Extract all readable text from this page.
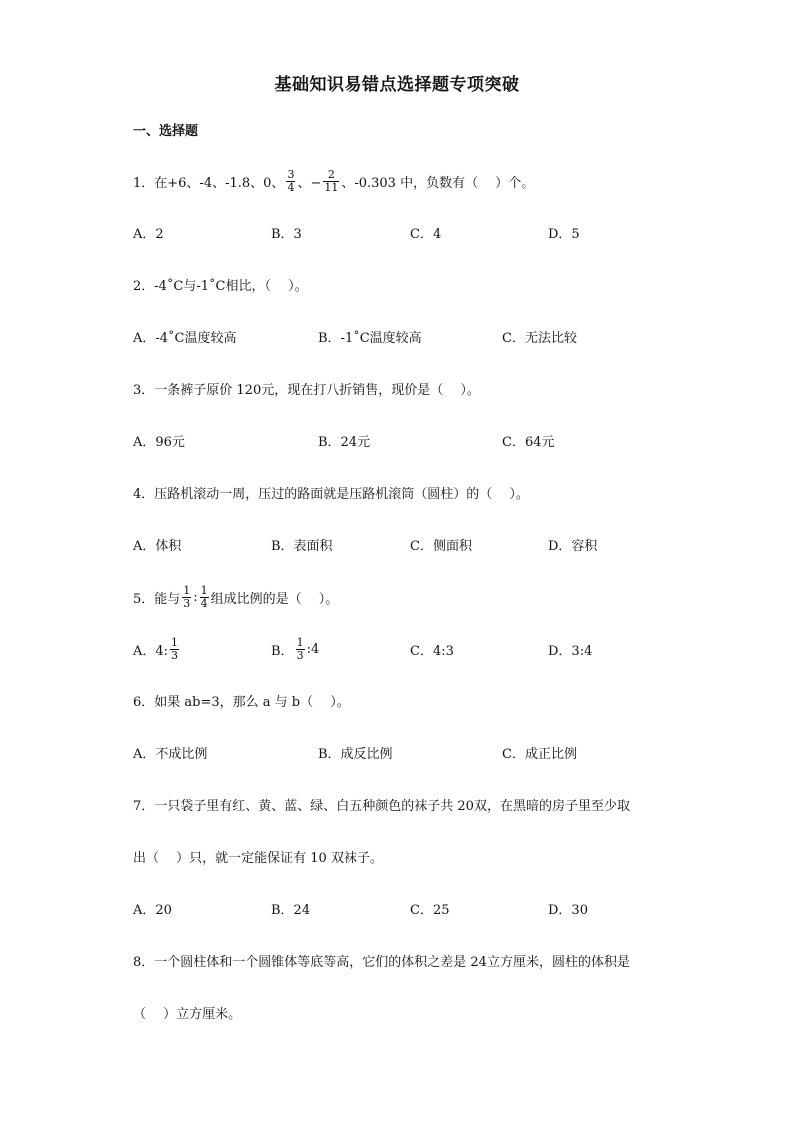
基础知识易错点选择题专项突破
一、选择题
1．在+6、-4、-1.8、0、 $\frac{3}{4}$ 、− $\frac{2}{11}$ 、-0.303 中，负数有（　 ）个。
A．2	B．3	C．4	D．5
2．-4˚C与-1˚C相比，（　 ）。
A．-4˚C温度较高	B．-1˚C温度较高	C．无法比较
3．一条裤子原价 120元，现在打八折销售，现价是（　 ）。
A．96元	B．24元	C．64元
4．压路机滚动一周，压过的路面就是压路机滚筒（圆柱）的（　 ）。
A．体积	B．表面积	C．侧面积	D．容积
5．能与 $\frac{1}{3}$ : $\frac{1}{4}$ 组成比例的是（　 ）。
A．4: $\frac{1}{3}$	B． $\frac{1}{3}$ :4	C．4:3	D．3:4
6．如果 ab=3，那么 a 与 b（　 ）。
A．不成比例	B．成反比例	C．成正比例
7．一只袋子里有红、黄、蓝、绿、白五种颜色的袜子共 20双，在黑暗的房子里至少取
出（　 ）只，就一定能保证有 10 双袜子。
A．20	B．24	C．25	D．30
8．一个圆柱体和一个圆锥体等底等高，它们的体积之差是 24立方厘米，圆柱的体积是
（　 ）立方厘米。
